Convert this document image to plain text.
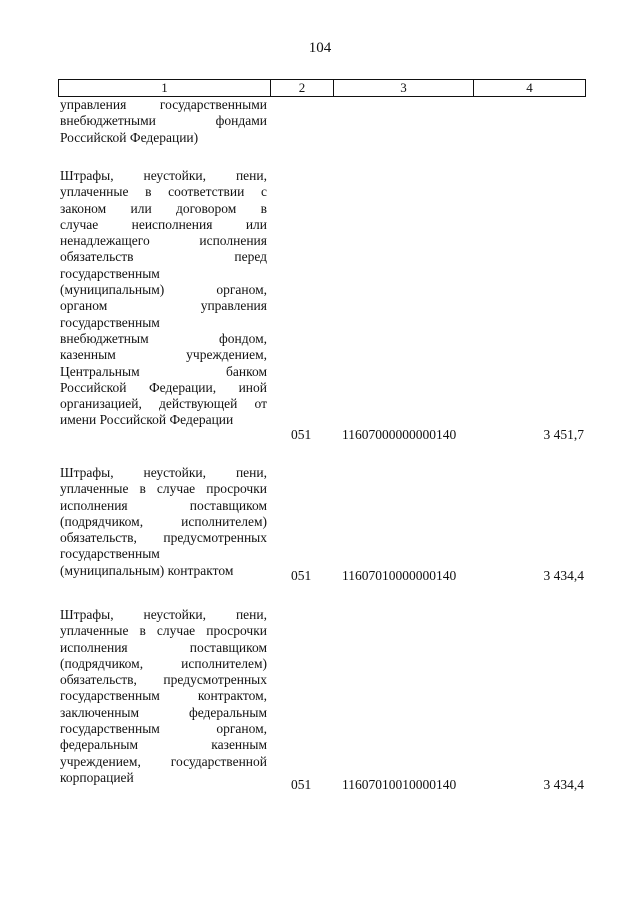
104
1	2	3	4
управления государственными
внебюджетными фондами
Российской Федерации)
Штрафы, неустойки, пени,
уплаченные в соответствии с
законом или договором в
случае неисполнения или
ненадлежащего исполнения
обязательств перед
государственным
(муниципальным) органом,
органом управления
государственным
внебюджетным фондом,
казенным учреждением,
Центральным банком
Российской Федерации, иной
организацией, действующей от
имени Российской Федерации
051 11607000000000140	3 451,7
Штрафы, неустойки, пени,
уплаченные в случае просрочки
исполнения поставщиком
(подрядчиком, исполнителем)
обязательств, предусмотренных
государственным
(муниципальным) контрактом	051 11607010000000140	3 434,4
Штрафы, неустойки, пени,
уплаченные в случае просрочки
исполнения поставщиком
(подрядчиком, исполнителем)
обязательств, предусмотренных
государственным контрактом,
заключенным федеральным
государственным органом,
федеральным казенным
учреждением, государственной
корпорацией	051 11607010010000140	3 434,4
